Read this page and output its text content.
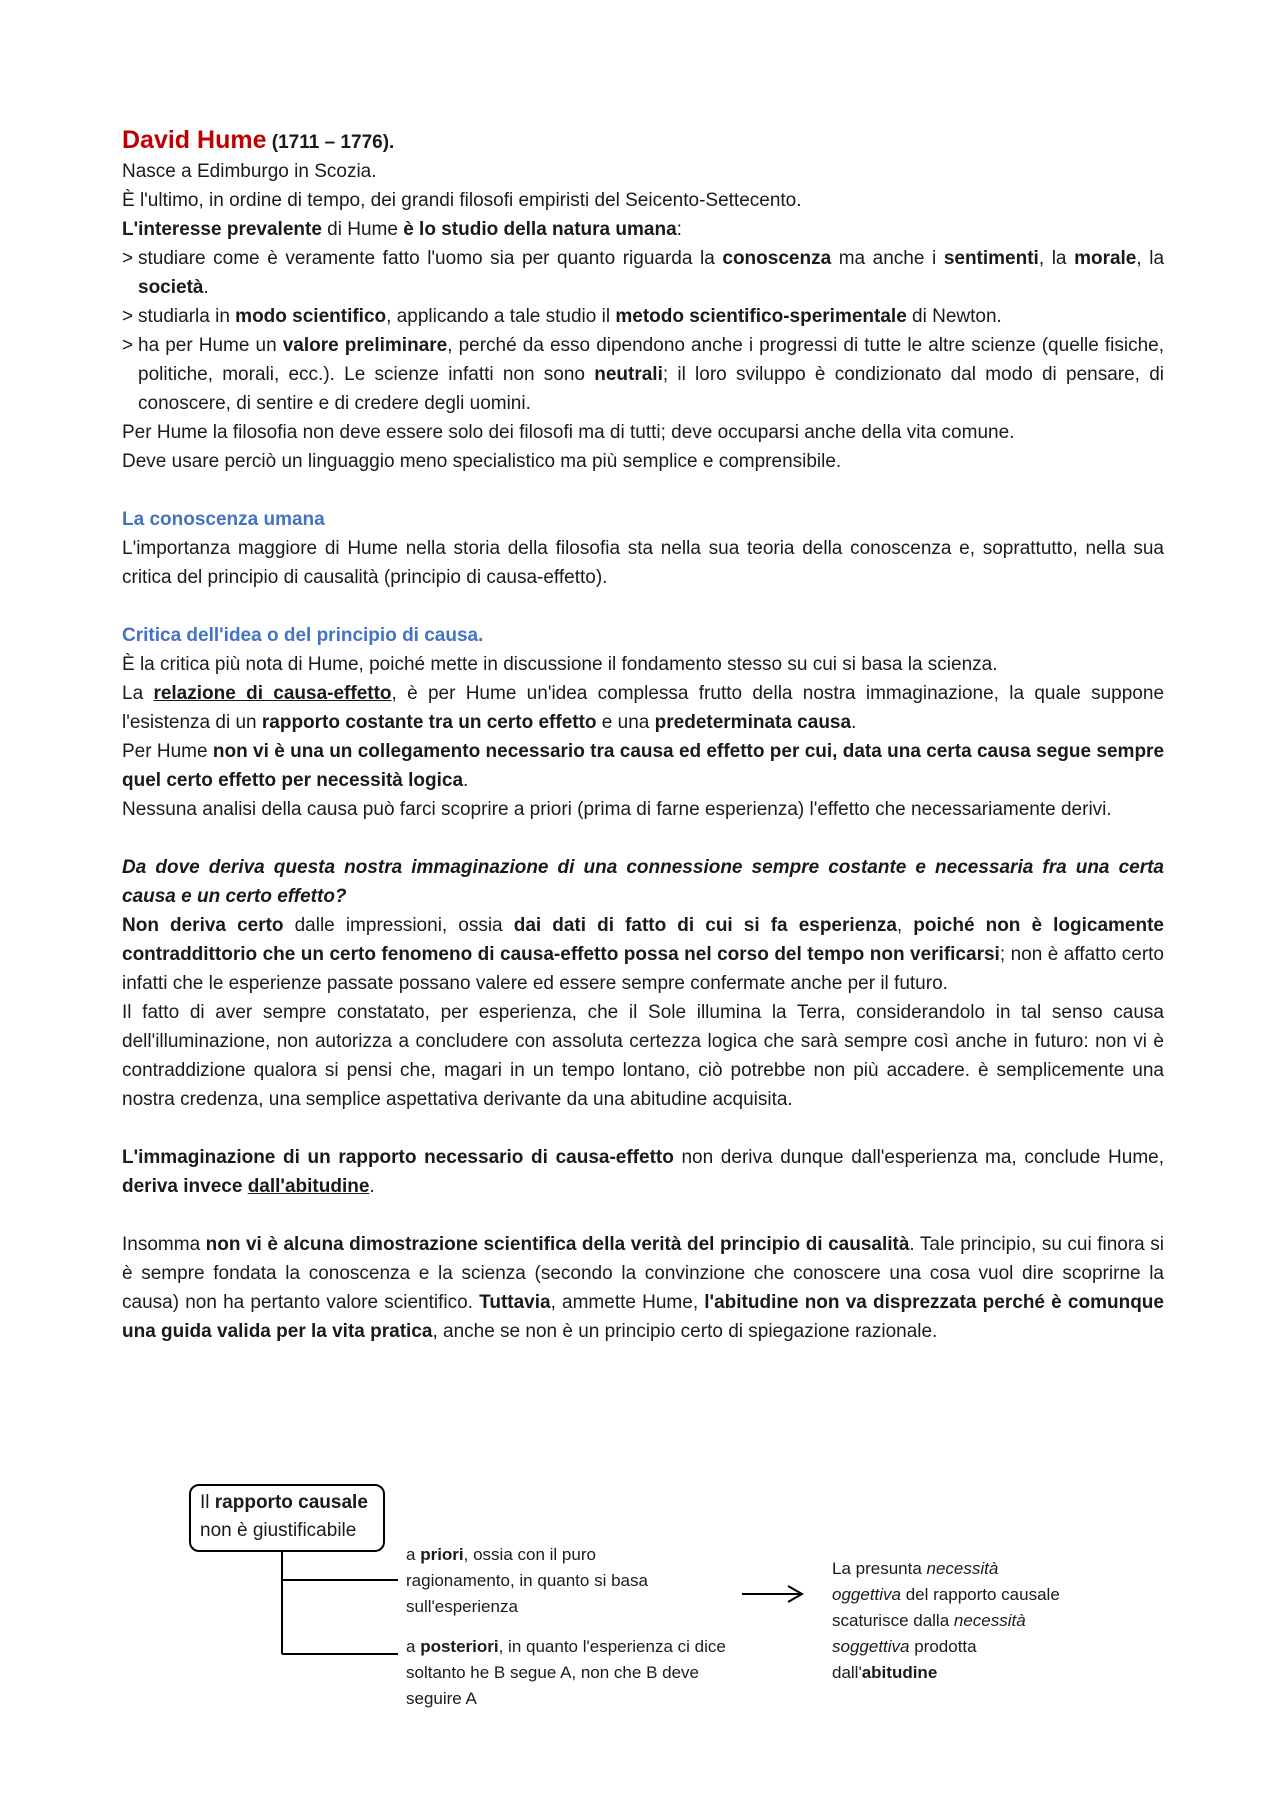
David Hume (1711 – 1776).

Nasce a Edimburgo in Scozia.

È l'ultimo, in ordine di tempo, dei grandi filosofi empiristi del Seicento-Settecento.

L'interesse prevalente di Hume è lo studio della natura umana:

> studiare come è veramente fatto l'uomo sia per quanto riguarda la conoscenza ma anche i sentimenti, la morale, la società.

> studiarla in modo scientifico, applicando a tale studio il metodo scientifico-sperimentale di Newton.

> ha per Hume un valore preliminare, perché da esso dipendono anche i progressi di tutte le altre scienze (quelle fisiche, politiche, morali, ecc.). Le scienze infatti non sono neutrali; il loro sviluppo è condizionato dal modo di pensare, di conoscere, di sentire e di credere degli uomini.

Per Hume la filosofia non deve essere solo dei filosofi ma di tutti; deve occuparsi anche della vita comune.

Deve usare perciò un linguaggio meno specialistico ma più semplice e comprensibile.

La conoscenza umana

L'importanza maggiore di Hume nella storia della filosofia sta nella sua teoria della conoscenza e, soprattutto, nella sua critica del principio di causalità (principio di causa-effetto).

Critica dell'idea o del principio di causa.

È la critica più nota di Hume, poiché mette in discussione il fondamento stesso su cui si basa la scienza.

La relazione di causa-effetto, è per Hume un'idea complessa frutto della nostra immaginazione, la quale suppone l'esistenza di un rapporto costante tra un certo effetto e una predeterminata causa.

Per Hume non vi è una un collegamento necessario tra causa ed effetto per cui, data una certa causa segue sempre quel certo effetto per necessità logica.

Nessuna analisi della causa può farci scoprire a priori (prima di farne esperienza) l'effetto che necessariamente derivi.

Da dove deriva questa nostra immaginazione di una connessione sempre costante e necessaria fra una certa causa e un certo effetto?

Non deriva certo dalle impressioni, ossia dai dati di fatto di cui si fa esperienza, poiché non è logicamente contraddittorio che un certo fenomeno di causa-effetto possa nel corso del tempo non verificarsi; non è affatto certo infatti che le esperienze passate possano valere ed essere sempre confermate anche per il futuro.

Il fatto di aver sempre constatato, per esperienza, che il Sole illumina la Terra, considerandolo in tal senso causa dell'illuminazione, non autorizza a concludere con assoluta certezza logica che sarà sempre così anche in futuro: non vi è contraddizione qualora si pensi che, magari in un tempo lontano, ciò potrebbe non più accadere. è semplicemente una nostra credenza, una semplice aspettativa derivante da una abitudine acquisita.

L'immaginazione di un rapporto necessario di causa-effetto non deriva dunque dall'esperienza ma, conclude Hume, deriva invece dall'abitudine.

Insomma non vi è alcuna dimostrazione scientifica della verità del principio di causalità. Tale principio, su cui finora si è sempre fondata la conoscenza e la scienza (secondo la convinzione che conoscere una cosa vuol dire scoprirne la causa) non ha pertanto valore scientifico. Tuttavia, ammette Hume, l'abitudine non va disprezzata perché è comunque una guida valida per la vita pratica, anche se non è un principio certo di spiegazione razionale.

Il rapporto causale
non è giustificabile
a priori, ossia con il puro ragionamento, in quanto si basa sull'esperienza
a posteriori, in quanto l'esperienza ci dice soltanto he B segue A, non che B deve seguire A
La presunta necessità oggettiva del rapporto causale scaturisce dalla necessità soggettiva prodotta dall'abitudine
